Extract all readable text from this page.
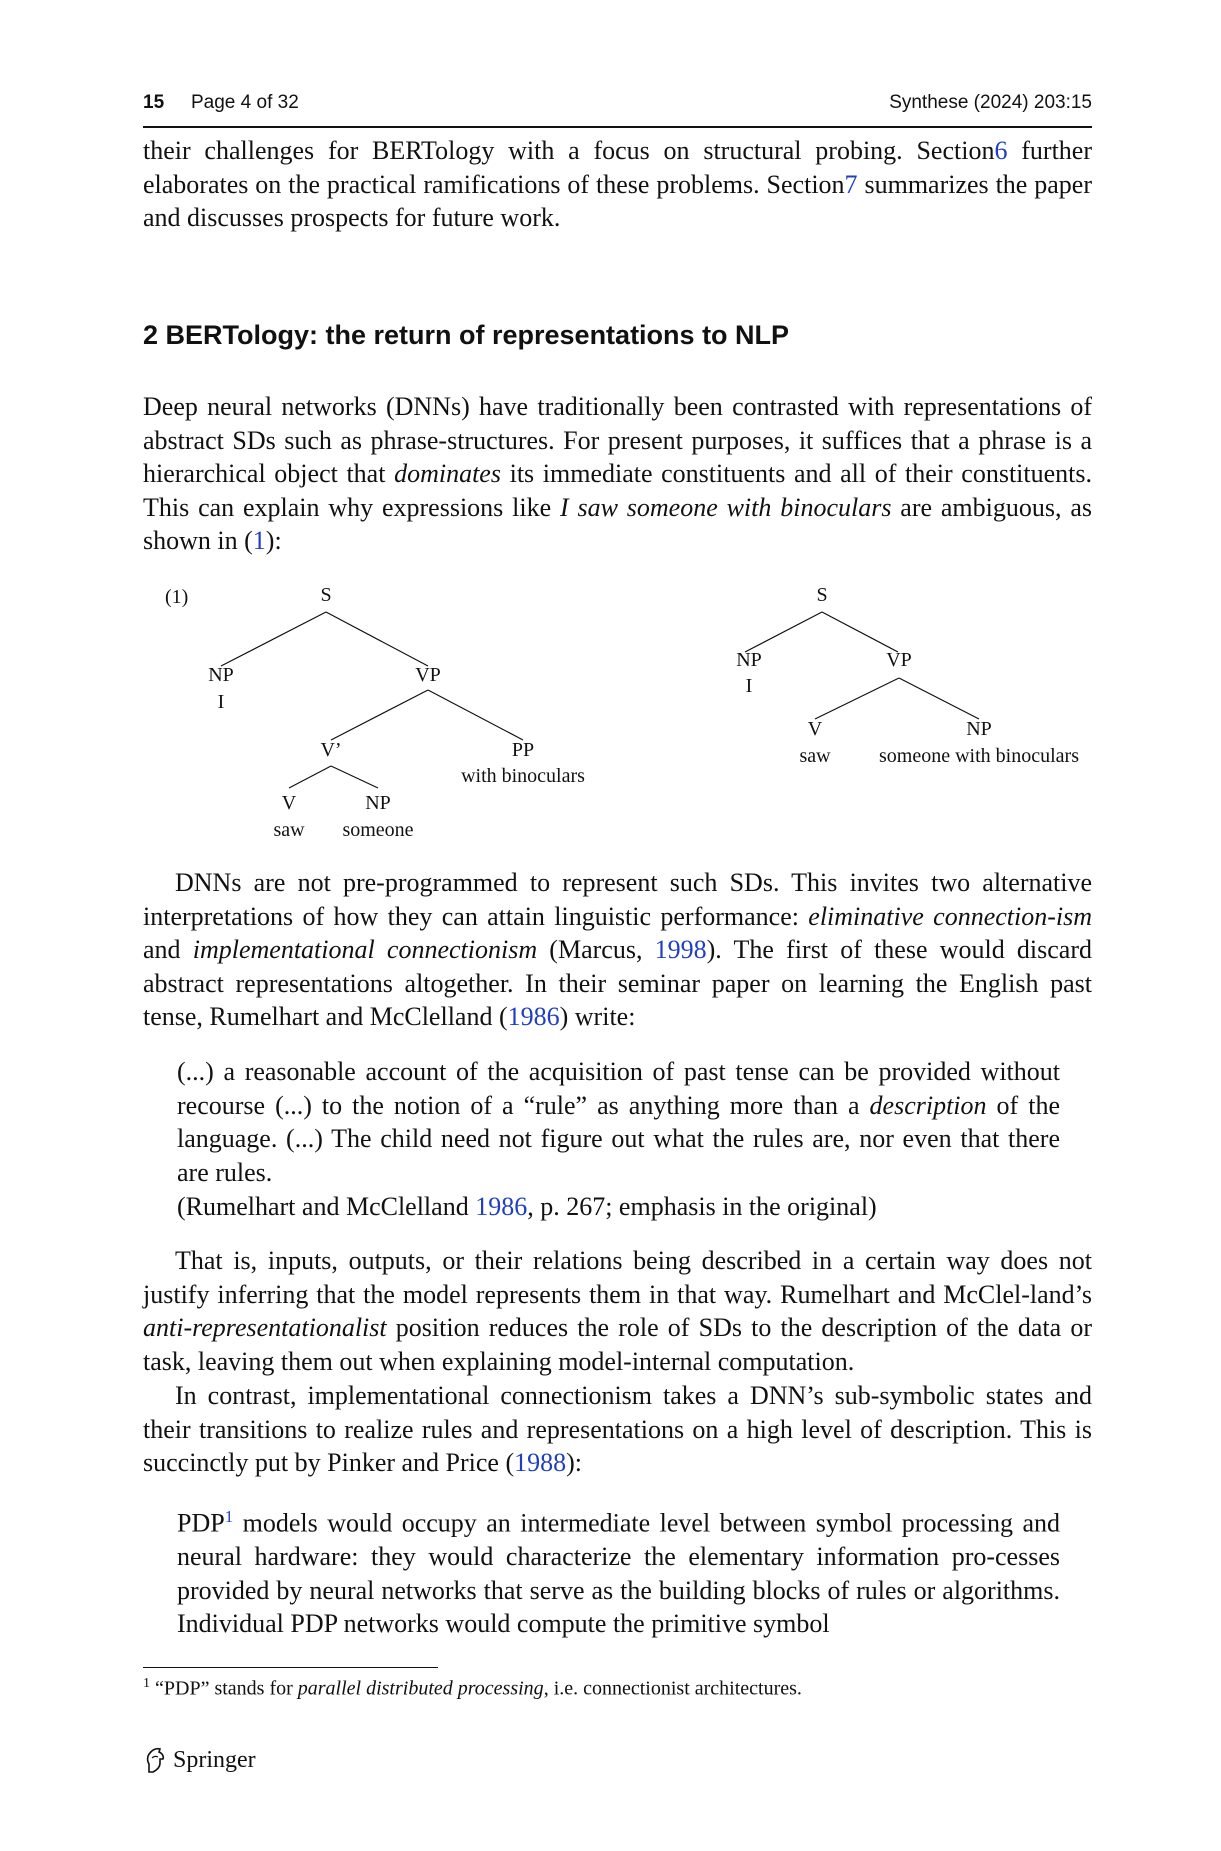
15 Page 4 of 32	Synthese (2024) 203:15
their challenges for BERTology with a focus on structural probing. Section6 further elaborates on the practical ramifications of these problems. Section7 summarizes the paper and discusses prospects for future work.
2 BERTology: the return of representations to NLP
Deep neural networks (DNNs) have traditionally been contrasted with representations of abstract SDs such as phrase-structures. For present purposes, it suffices that a phrase is a hierarchical object that dominates its immediate constituents and all of their constituents. This can explain why expressions like I saw someone with binoculars are ambiguous, as shown in (1):
(1)	S
NP
I
VP
V’	PP
with binoculars
V	NP
saw someone
S
NP
I
VP
V	NP
saw someone with binoculars
DNNs are not pre-programmed to represent such SDs. This invites two alternative interpretations of how they can attain linguistic performance: eliminative connection-ism and implementational connectionism (Marcus, 1998). The first of these would discard abstract representations altogether. In their seminar paper on learning the English past tense, Rumelhart and McClelland (1986) write:
(...) a reasonable account of the acquisition of past tense can be provided without recourse (...) to the notion of a “rule” as anything more than a description of the language. (...) The child need not figure out what the rules are, nor even that there are rules.
(Rumelhart and McClelland 1986, p. 267; emphasis in the original)
That is, inputs, outputs, or their relations being described in a certain way does not justify inferring that the model represents them in that way. Rumelhart and McClel-land’s anti-representationalist position reduces the role of SDs to the description of the data or task, leaving them out when explaining model-internal computation.
In contrast, implementational connectionism takes a DNN’s sub-symbolic states and their transitions to realize rules and representations on a high level of description. This is succinctly put by Pinker and Price (1988):
PDP$^1$ models would occupy an intermediate level between symbol processing and neural hardware: they would characterize the elementary information pro-cesses provided by neural networks that serve as the building blocks of rules or algorithms. Individual PDP networks would compute the primitive symbol
$^1$ “PDP” stands for parallel distributed processing, i.e. connectionist architectures.
Springer
